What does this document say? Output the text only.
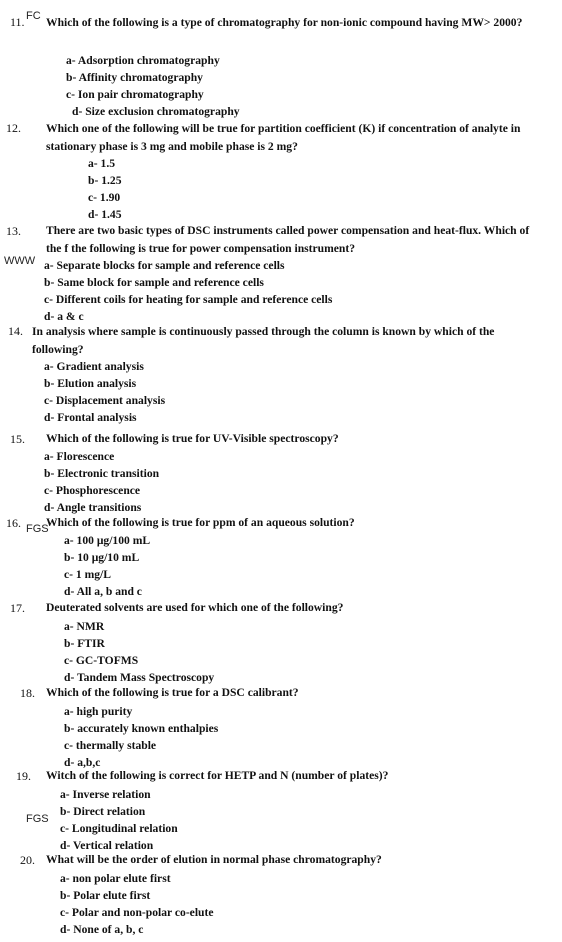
FC
WWW
FGS
FGS
11. Which of the following is a type of chromatography for non-ionic compound having MW> 2000?
a- Adsorption chromatography
b- Affinity chromatography
c- Ion pair chromatography
d- Size exclusion chromatography
12. Which one of the following will be true for partition coefficient (K) if concentration of analyte in stationary phase is 3 mg and mobile phase is 2 mg?
a- 1.5
b- 1.25
c- 1.90
d- 1.45
13. There are two basic types of DSC instruments called power compensation and heat-flux. Which of the f the following is true for power compensation instrument?
a- Separate blocks for sample and reference cells
b- Same block for sample and reference cells
c- Different coils for heating for sample and reference cells
d- a & c
14. In analysis where sample is continuously passed through the column is known by which of the following?
a- Gradient analysis
b- Elution analysis
c- Displacement analysis
d- Frontal analysis
15. Which of the following is true for UV-Visible spectroscopy?
a- Florescence
b- Electronic transition
c- Phosphorescence
d- Angle transitions
16. Which of the following is true for ppm of an aqueous solution?
a- 100 μg/100 mL
b- 10 μg/10 mL
c- 1 mg/L
d- All a, b and c
17. Deuterated solvents are used for which one of the following?
a- NMR
b- FTIR
c- GC-TOFMS
d- Tandem Mass Spectroscopy
18. Which of the following is true for a DSC calibrant?
a- high purity
b- accurately known enthalpies
c- thermally stable
d- a,b,c
19. Witch of the following is correct for HETP and N (number of plates)?
a- Inverse relation
b- Direct relation
c- Longitudinal relation
d- Vertical relation
20. What will be the order of elution in normal phase chromatography?
a- non polar elute first
b- Polar elute first
c- Polar and non-polar co-elute
d- None of a, b, c
